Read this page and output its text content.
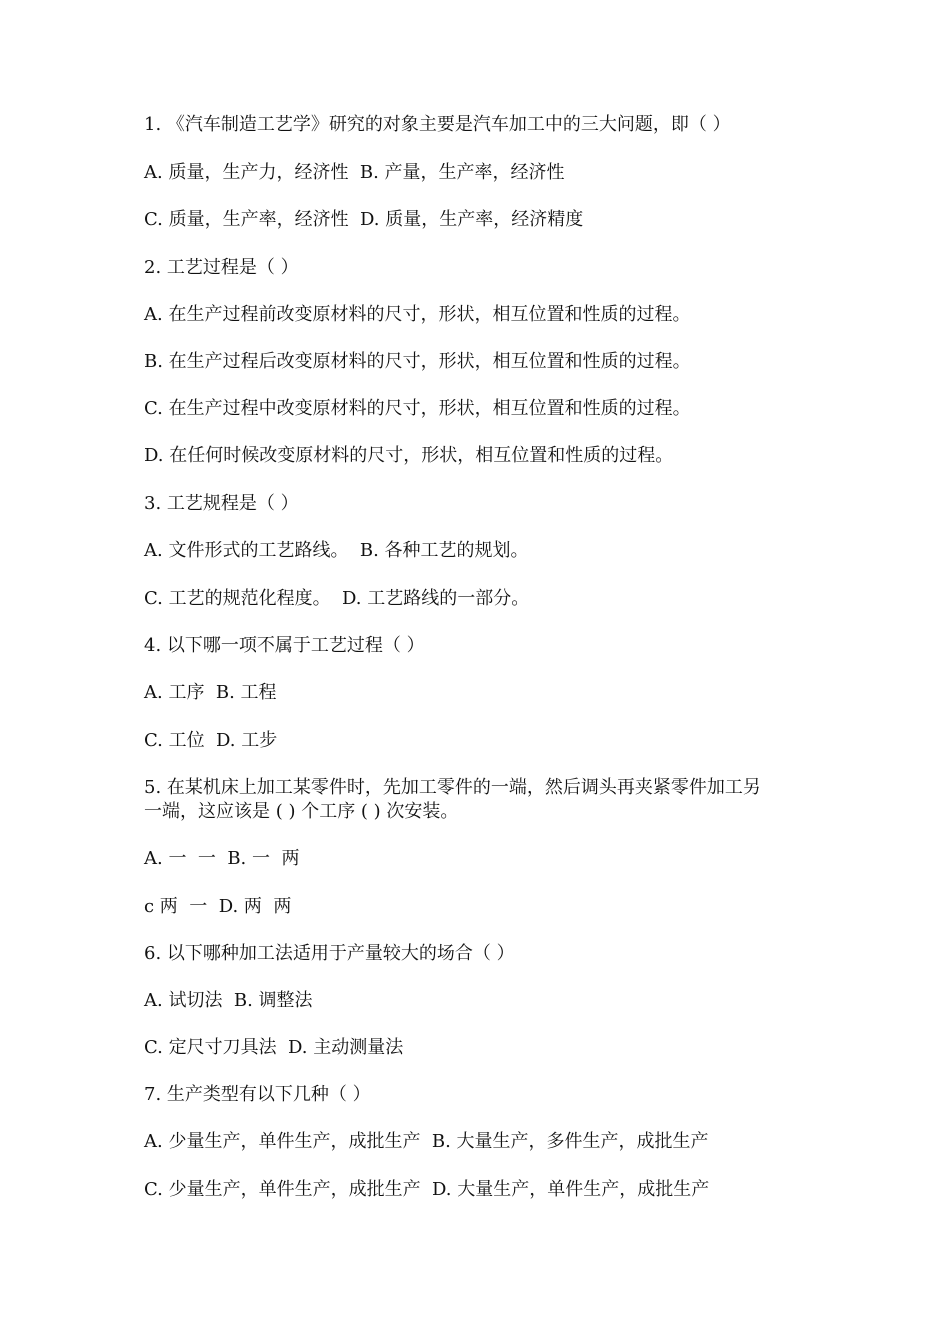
1. 《汽车制造工艺学》研究的对象主要是汽车加工中的三大问题，即（ ）

A. 质量，生产力，经济性  B. 产量，生产率，经济性

C. 质量，生产率，经济性  D. 质量，生产率，经济精度

2. 工艺过程是（ ）

A. 在生产过程前改变原材料的尺寸，形状，相互位置和性质的过程。

B. 在生产过程后改变原材料的尺寸，形状，相互位置和性质的过程。

C. 在生产过程中改变原材料的尺寸，形状，相互位置和性质的过程。

D. 在任何时候改变原材料的尺寸，形状，相互位置和性质的过程。

3. 工艺规程是（ ）

A. 文件形式的工艺路线。  B. 各种工艺的规划。

C. 工艺的规范化程度。  D. 工艺路线的一部分。

4. 以下哪一项不属于工艺过程（ ）

A. 工序  B. 工程

C. 工位  D. 工步

5. 在某机床上加工某零件时，先加工零件的一端，然后调头再夹紧零件加工另

一端，这应该是 ( ) 个工序 ( ) 次安装。

A. 一  一  B. 一  两

c 两  一  D. 两  两

6. 以下哪种加工法适用于产量较大的场合（ ）

A. 试切法  B. 调整法

C. 定尺寸刀具法  D. 主动测量法

7. 生产类型有以下几种（ ）

A. 少量生产，单件生产，成批生产  B. 大量生产，多件生产，成批生产

C. 少量生产，单件生产，成批生产  D. 大量生产，单件生产，成批生产
